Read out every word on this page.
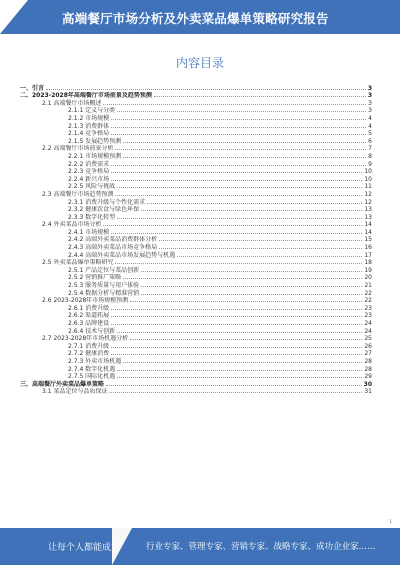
高端餐厅市场分析及外卖菜品爆单策略研究报告
内容目录
一、引言	3
二、2023-2028年高端餐厅市场前景及趋势预测	3
2.1 高端餐厅市场概述	3
2.1.1 定义与分类	3
2.1.2 市场规模	4
2.1.3 消费群体	4
2.1.4 竞争格局	5
2.1.5 发展趋势预测	6
2.2 高端餐厅市场前景分析	7
2.2.1 市场规模预测	8
2.2.2 消费需求	9
2.2.3 竞争格局	10
2.2.4 新兴市场	10
2.2.5 风险与挑战	11
2.3 高端餐厅市场趋势预测	12
2.3.1 消费升级与个性化需求	12
2.3.2 健康饮食与绿色环保	13
2.3.3 数字化转型	13
2.4 外卖菜品市场分析	14
2.4.1 市场规模	14
2.4.2 高端外卖菜品消费群体分析	15
2.4.3 高端外卖菜品市场竞争格局	16
2.4.4 高端外卖菜品市场发展趋势与机遇	17
2.5 外卖菜品爆单策略研究	18
2.5.1 产品定位与菜品创新	19
2.5.2 营销推广策略	20
2.5.3 服务质量与用户体验	21
2.5.4 数据分析与精准营销	22
2.6 2023-2028年市场规模预测	22
2.6.1 消费升级	23
2.6.2 渠道拓展	23
2.6.3 品牌建设	24
2.6.4 技术与创新	24
2.7 2023-2028年市场机遇分析	25
2.7.1 消费升级	26
2.7.2 健康消费	27
2.7.3 外卖市场机遇	28
2.7.4 数字化机遇	28
2.7.5 国际化机遇	29
三、高端餐厅外卖菜品爆单策略	30
3.1 菜品定位与品质保证	31
1
让每个人都能成为	行业专家、管理专家、营销专家、战略专家、成功企业家……
